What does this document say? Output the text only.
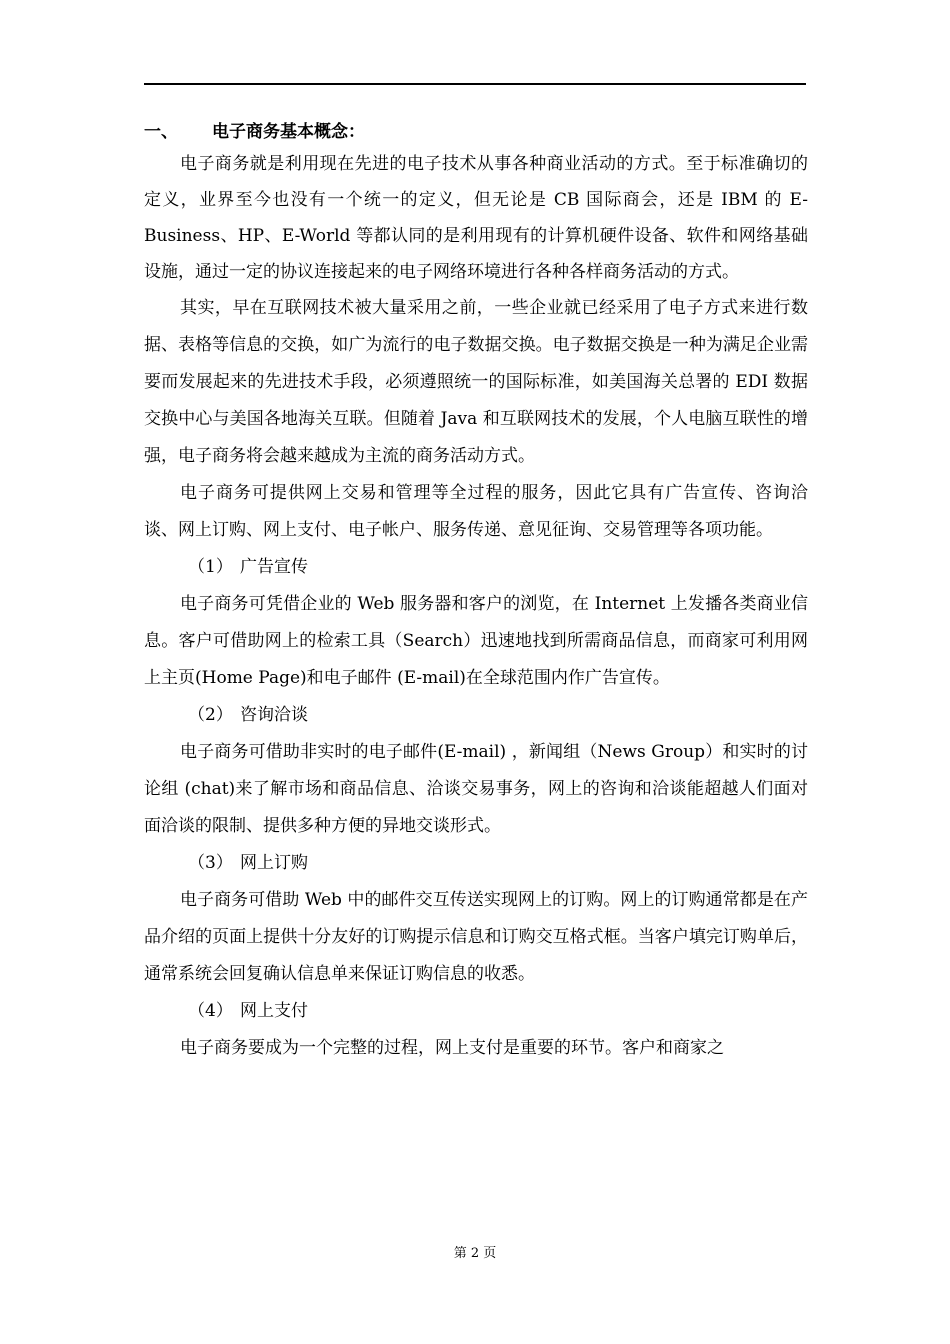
一、 电子商务基本概念：

电子商务就是利用现在先进的电子技术从事各种商业活动的方式。至于标准确切的定义，业界至今也没有一个统一的定义，但无论是 CB 国际商会，还是 IBM 的 E-Business、HP、E-World 等都认同的是利用现有的计算机硬件设备、软件和网络基础设施，通过一定的协议连接起来的电子网络环境进行各种各样商务活动的方式。

其实，早在互联网技术被大量采用之前，一些企业就已经采用了电子方式来进行数据、表格等信息的交换，如广为流行的电子数据交换。电子数据交换是一种为满足企业需要而发展起来的先进技术手段，必须遵照统一的国际标准，如美国海关总署的 EDI 数据交换中心与美国各地海关互联。但随着 Java 和互联网技术的发展，个人电脑互联性的增强，电子商务将会越来越成为主流的商务活动方式。

电子商务可提供网上交易和管理等全过程的服务，因此它具有广告宣传、咨询洽谈、网上订购、网上支付、电子帐户、服务传递、意见征询、交易管理等各项功能。

（1） 广告宣传

电子商务可凭借企业的 Web 服务器和客户的浏览，在 Internet 上发播各类商业信息。客户可借助网上的检索工具（Search）迅速地找到所需商品信息，而商家可利用网上主页(Home Page)和电子邮件 (E-mail)在全球范围内作广告宣传。

（2） 咨询洽谈

电子商务可借助非实时的电子邮件(E-mail) ，新闻组（News Group）和实时的讨论组 (chat)来了解市场和商品信息、洽谈交易事务，网上的咨询和洽谈能超越人们面对面洽谈的限制、提供多种方便的异地交谈形式。

（3） 网上订购

电子商务可借助 Web 中的邮件交互传送实现网上的订购。网上的订购通常都是在产品介绍的页面上提供十分友好的订购提示信息和订购交互格式框。当客户填完订购单后，通常系统会回复确认信息单来保证订购信息的收悉。

（4） 网上支付

电子商务要成为一个完整的过程，网上支付是重要的环节。客户和商家之

第 2 页
